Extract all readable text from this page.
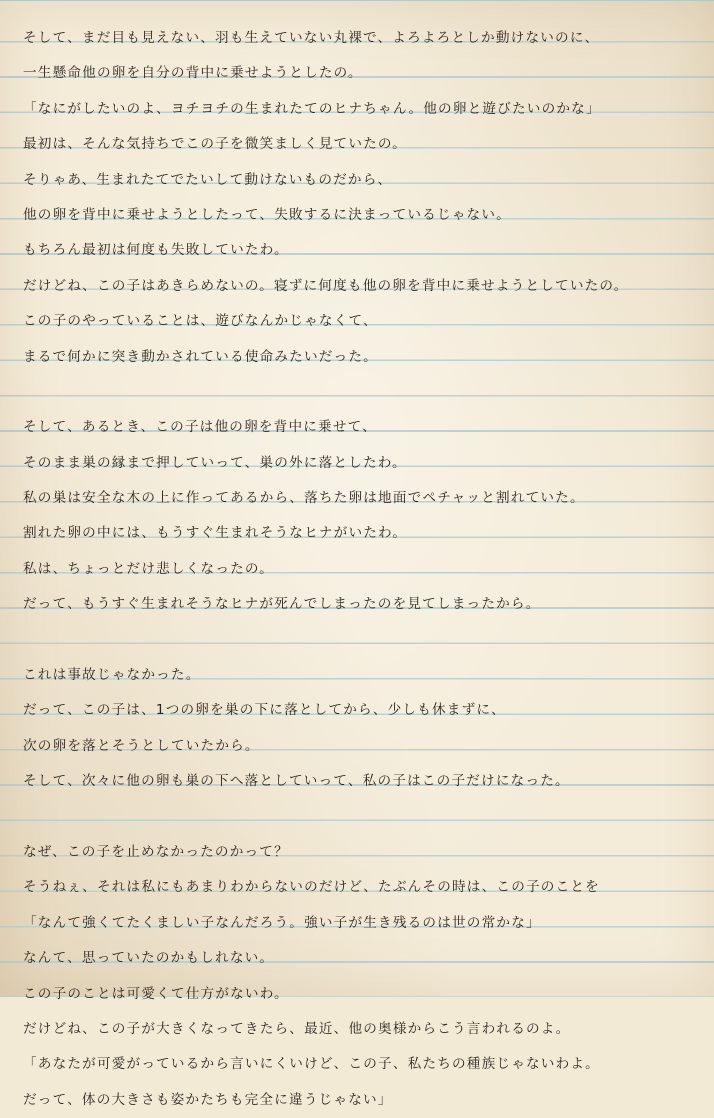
そして、まだ目も見えない、羽も生えていない丸裸で、よろよろとしか動けないのに、
一生懸命他の卵を自分の背中に乗せようとしたの。
「なにがしたいのよ、ヨチヨチの生まれたてのヒナちゃん。他の卵と遊びたいのかな」
最初は、そんな気持ちでこの子を微笑ましく見ていたの。
そりゃあ、生まれたてでたいして動けないものだから、
他の卵を背中に乗せようとしたって、失敗するに決まっているじゃない。
もちろん最初は何度も失敗していたわ。
だけどね、この子はあきらめないの。寝ずに何度も他の卵を背中に乗せようとしていたの。
この子のやっていることは、遊びなんかじゃなくて、
まるで何かに突き動かされている使命みたいだった。
そして、あるとき、この子は他の卵を背中に乗せて、
そのまま巣の縁まで押していって、巣の外に落としたわ。
私の巣は安全な木の上に作ってあるから、落ちた卵は地面でペチャッと割れていた。
割れた卵の中には、もうすぐ生まれそうなヒナがいたわ。
私は、ちょっとだけ悲しくなったの。
だって、もうすぐ生まれそうなヒナが死んでしまったのを見てしまったから。
これは事故じゃなかった。
だって、この子は、1つの卵を巣の下に落としてから、少しも休まずに、
次の卵を落とそうとしていたから。
そして、次々に他の卵も巣の下へ落としていって、私の子はこの子だけになった。
なぜ、この子を止めなかったのかって？
そうねぇ、それは私にもあまりわからないのだけど、たぶんその時は、この子のことを
「なんて強くてたくましい子なんだろう。強い子が生き残るのは世の常かな」
なんて、思っていたのかもしれない。
この子のことは可愛くて仕方がないわ。
だけどね、この子が大きくなってきたら、最近、他の奥様からこう言われるのよ。
「あなたが可愛がっているから言いにくいけど、この子、私たちの種族じゃないわよ。
だって、体の大きさも姿かたちも完全に違うじゃない」
